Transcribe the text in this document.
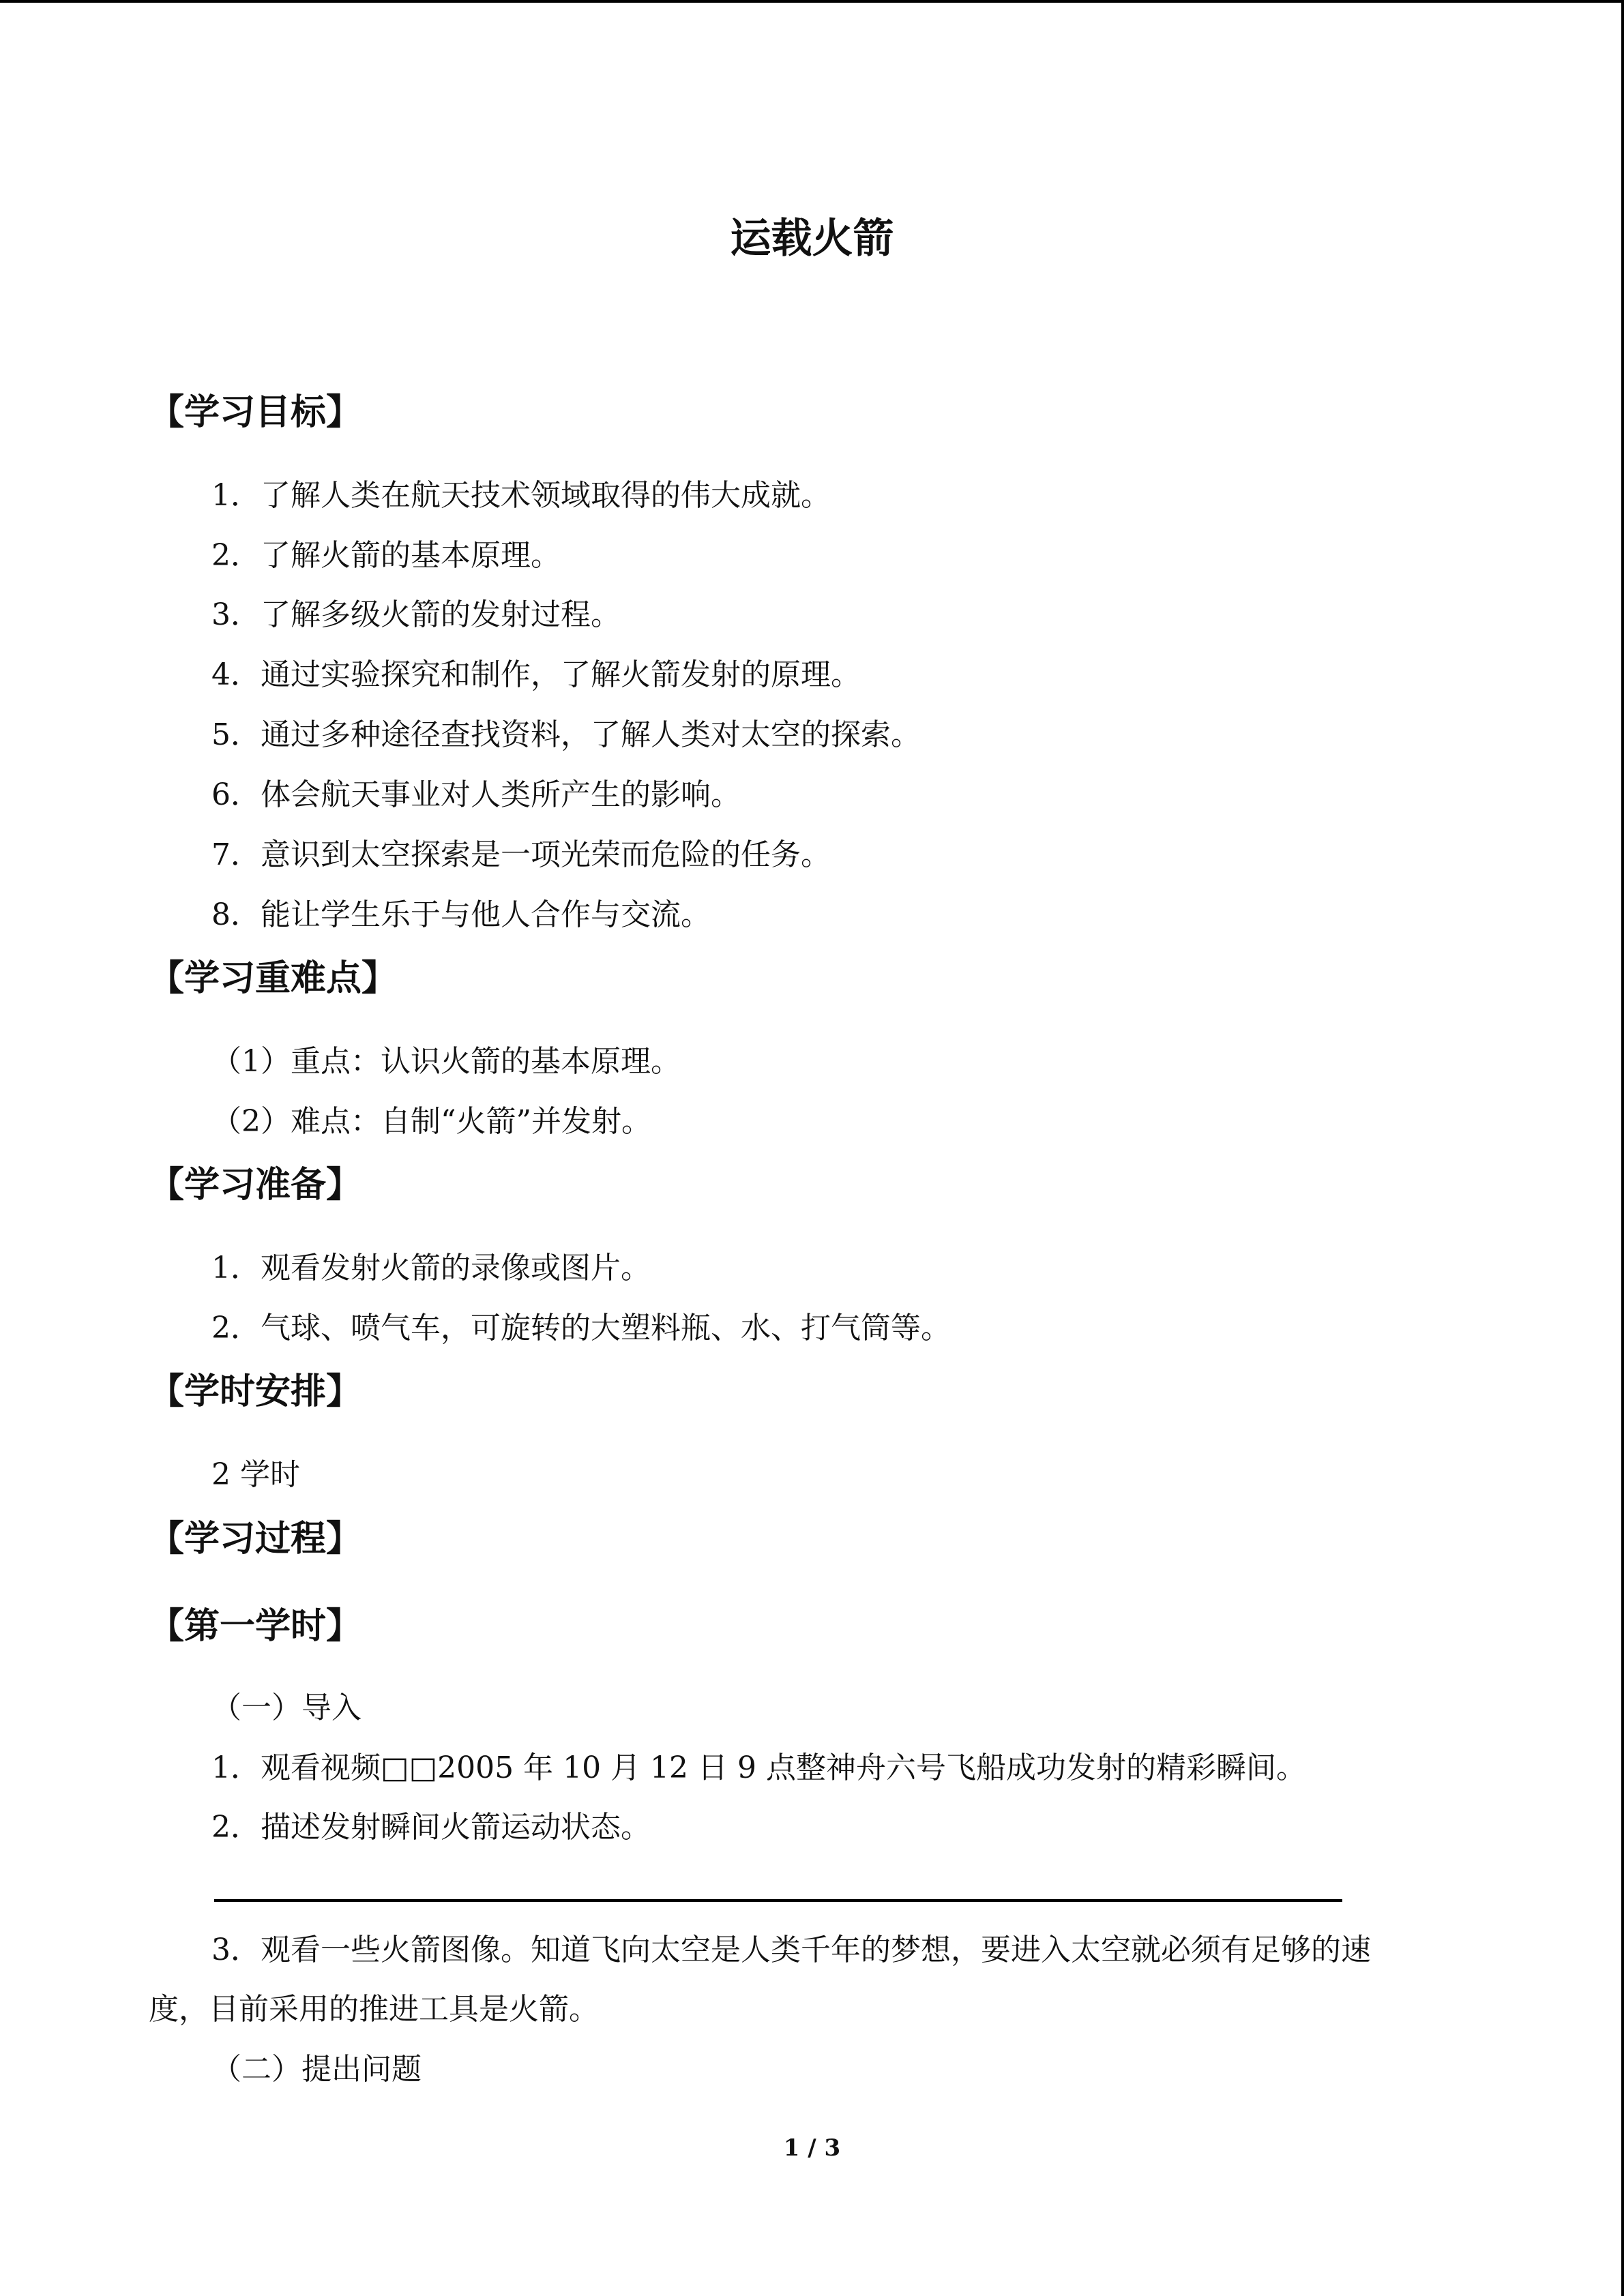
运载火箭
【学习目标】
1．了解人类在航天技术领域取得的伟大成就。
2．了解火箭的基本原理。
3．了解多级火箭的发射过程。
4．通过实验探究和制作，了解火箭发射的原理。
5．通过多种途径查找资料，了解人类对太空的探索。
6．体会航天事业对人类所产生的影响。
7．意识到太空探索是一项光荣而危险的任务。
8．能让学生乐于与他人合作与交流。
【学习重难点】
（1）重点：认识火箭的基本原理。
（2）难点：自制“火箭”并发射。
【学习准备】
1．观看发射火箭的录像或图片。
2．气球、喷气车，可旋转的大塑料瓶、水、打气筒等。
【学时安排】
2 学时
【学习过程】
【第一学时】
（一）导入
1．观看视频□□2005 年 10 月 12 日 9 点整神舟六号飞船成功发射的精彩瞬间。
2．描述发射瞬间火箭运动状态。
3．观看一些火箭图像。知道飞向太空是人类千年的梦想，要进入太空就必须有足够的速
度，目前采用的推进工具是火箭。
（二）提出问题
1 / 3
